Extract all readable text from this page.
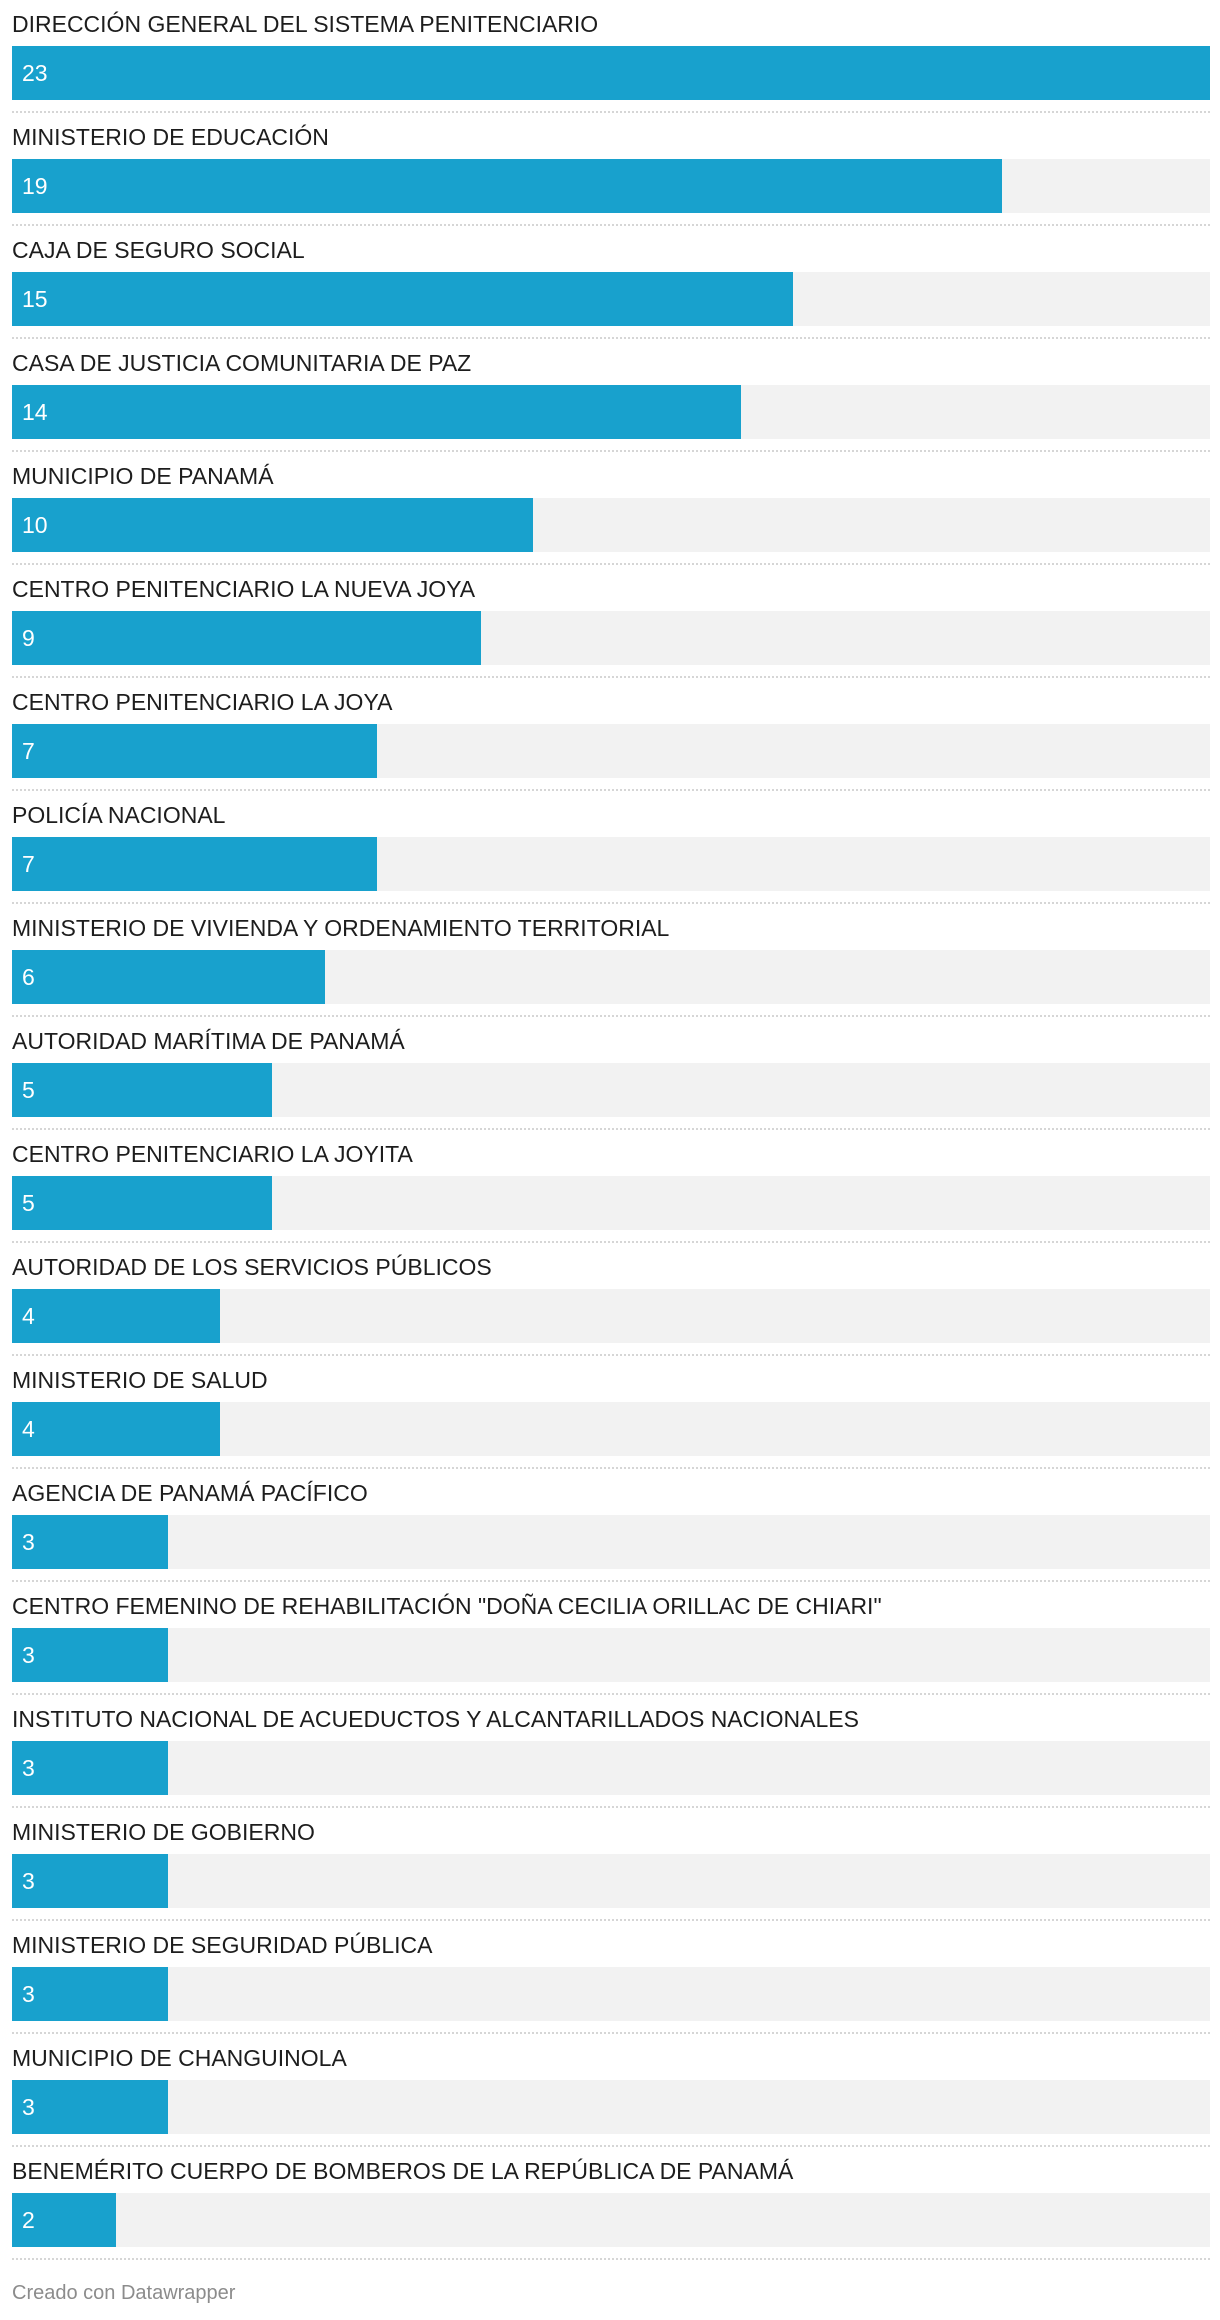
DIRECCIÓN GENERAL DEL SISTEMA PENITENCIARIO
23
MINISTERIO DE EDUCACIÓN
19
CAJA DE SEGURO SOCIAL
15
CASA DE JUSTICIA COMUNITARIA DE PAZ
14
MUNICIPIO DE PANAMÁ
10
CENTRO PENITENCIARIO LA NUEVA JOYA
9
CENTRO PENITENCIARIO LA JOYA
7
POLICÍA NACIONAL
7
MINISTERIO DE VIVIENDA Y ORDENAMIENTO TERRITORIAL
6
AUTORIDAD MARÍTIMA DE PANAMÁ
5
CENTRO PENITENCIARIO LA JOYITA
5
AUTORIDAD DE LOS SERVICIOS PÚBLICOS
4
MINISTERIO DE SALUD
4
AGENCIA DE PANAMÁ PACÍFICO
3
CENTRO FEMENINO DE REHABILITACIÓN "DOÑA CECILIA ORILLAC DE CHIARI"
3
INSTITUTO NACIONAL DE ACUEDUCTOS Y ALCANTARILLADOS NACIONALES
3
MINISTERIO DE GOBIERNO
3
MINISTERIO DE SEGURIDAD PÚBLICA
3
MUNICIPIO DE CHANGUINOLA
3
BENEMÉRITO CUERPO DE BOMBEROS DE LA REPÚBLICA DE PANAMÁ
2
Creado con Datawrapper
